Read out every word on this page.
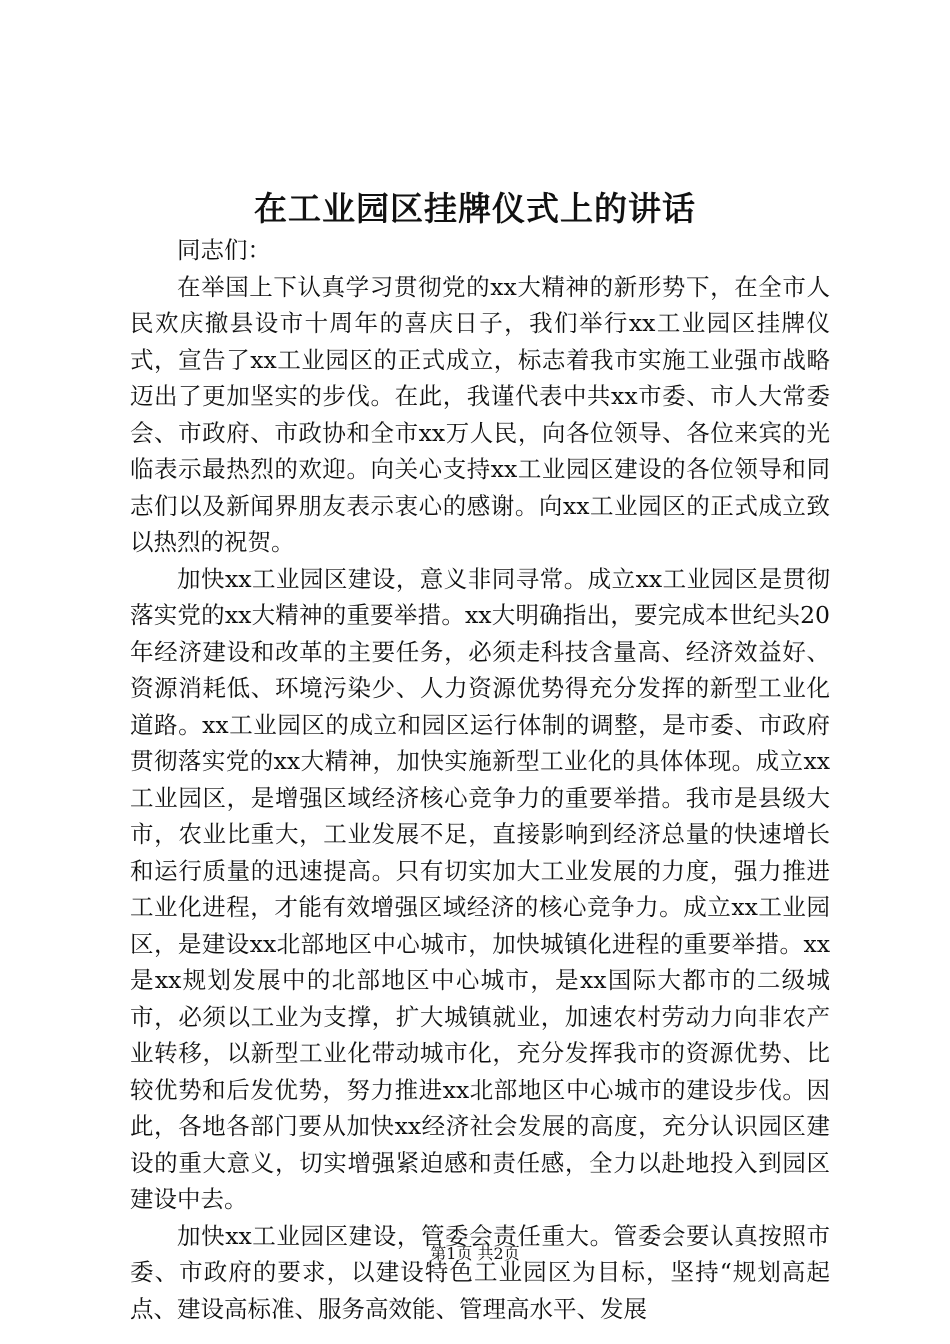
在工业园区挂牌仪式上的讲话

同志们：

在举国上下认真学习贯彻党的xx大精神的新形势下，在全市人民欢庆撤县设市十周年的喜庆日子，我们举行xx工业园区挂牌仪式，宣告了xx工业园区的正式成立，标志着我市实施工业强市战略迈出了更加坚实的步伐。在此，我谨代表中共xx市委、市人大常委会、市政府、市政协和全市xx万人民，向各位领导、各位来宾的光临表示最热烈的欢迎。向关心支持xx工业园区建设的各位领导和同志们以及新闻界朋友表示衷心的感谢。向xx工业园区的正式成立致以热烈的祝贺。

加快xx工业园区建设，意义非同寻常。成立xx工业园区是贯彻落实党的xx大精神的重要举措。xx大明确指出，要完成本世纪头20年经济建设和改革的主要任务，必须走科技含量高、经济效益好、资源消耗低、环境污染少、人力资源优势得充分发挥的新型工业化道路。xx工业园区的成立和园区运行体制的调整，是市委、市政府贯彻落实党的xx大精神，加快实施新型工业化的具体体现。成立xx工业园区，是增强区域经济核心竞争力的重要举措。我市是县级大市，农业比重大，工业发展不足，直接影响到经济总量的快速增长和运行质量的迅速提高。只有切实加大工业发展的力度，强力推进工业化进程，才能有效增强区域经济的核心竞争力。成立xx工业园区，是建设xx北部地区中心城市，加快城镇化进程的重要举措。xx是xx规划发展中的北部地区中心城市，是xx国际大都市的二级城市，必须以工业为支撑，扩大城镇就业，加速农村劳动力向非农产业转移，以新型工业化带动城市化，充分发挥我市的资源优势、比较优势和后发优势，努力推进xx北部地区中心城市的建设步伐。因此，各地各部门要从加快xx经济社会发展的高度，充分认识园区建设的重大意义，切实增强紧迫感和责任感，全力以赴地投入到园区建设中去。

加快xx工业园区建设，管委会责任重大。管委会要认真按照市委、市政府的要求，以建设特色工业园区为目标，坚持“规划高起点、建设高标准、服务高效能、管理高水平、发展

第1页 共2页
